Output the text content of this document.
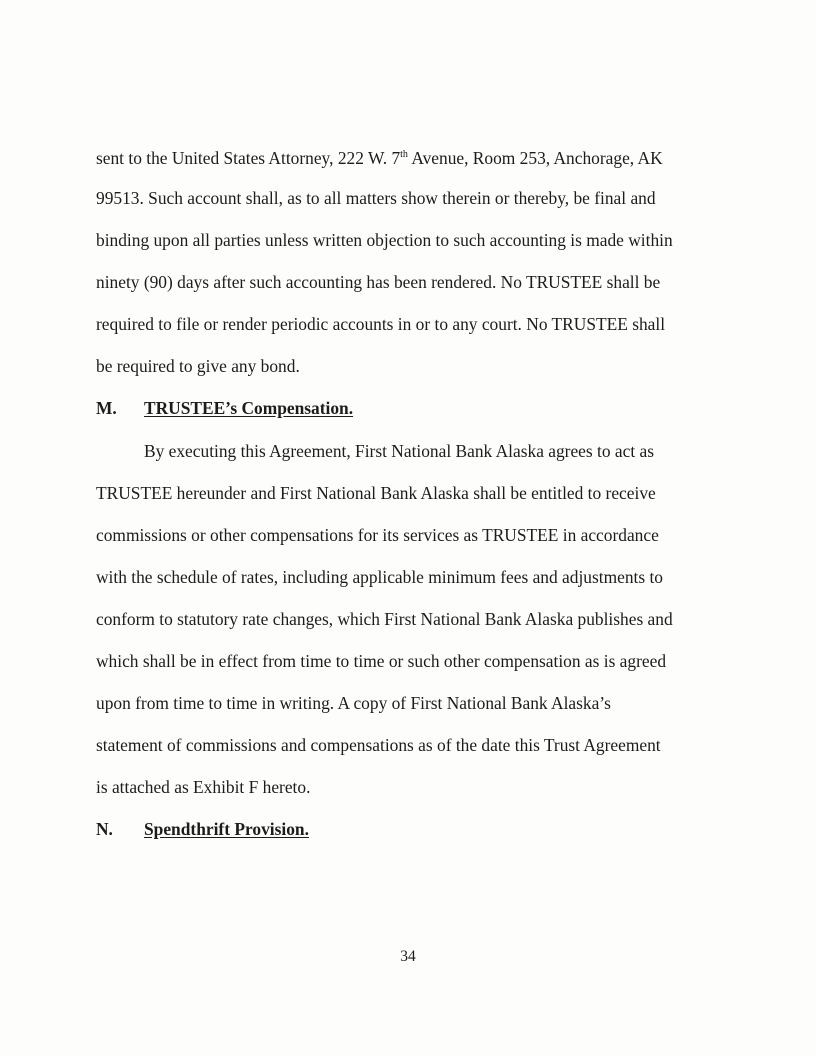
sent to the United States Attorney, 222 W. 7th Avenue, Room 253, Anchorage, AK
99513. Such account shall, as to all matters show therein or thereby, be final and
binding upon all parties unless written objection to such accounting is made within
ninety (90) days after such accounting has been rendered. No TRUSTEE shall be
required to file or render periodic accounts in or to any court. No TRUSTEE shall
be required to give any bond.
M. TRUSTEE’s Compensation.
By executing this Agreement, First National Bank Alaska agrees to act as
TRUSTEE hereunder and First National Bank Alaska shall be entitled to receive
commissions or other compensations for its services as TRUSTEE in accordance
with the schedule of rates, including applicable minimum fees and adjustments to
conform to statutory rate changes, which First National Bank Alaska publishes and
which shall be in effect from time to time or such other compensation as is agreed
upon from time to time in writing. A copy of First National Bank Alaska’s
statement of commissions and compensations as of the date this Trust Agreement
is attached as Exhibit F hereto.
N. Spendthrift Provision.
34
